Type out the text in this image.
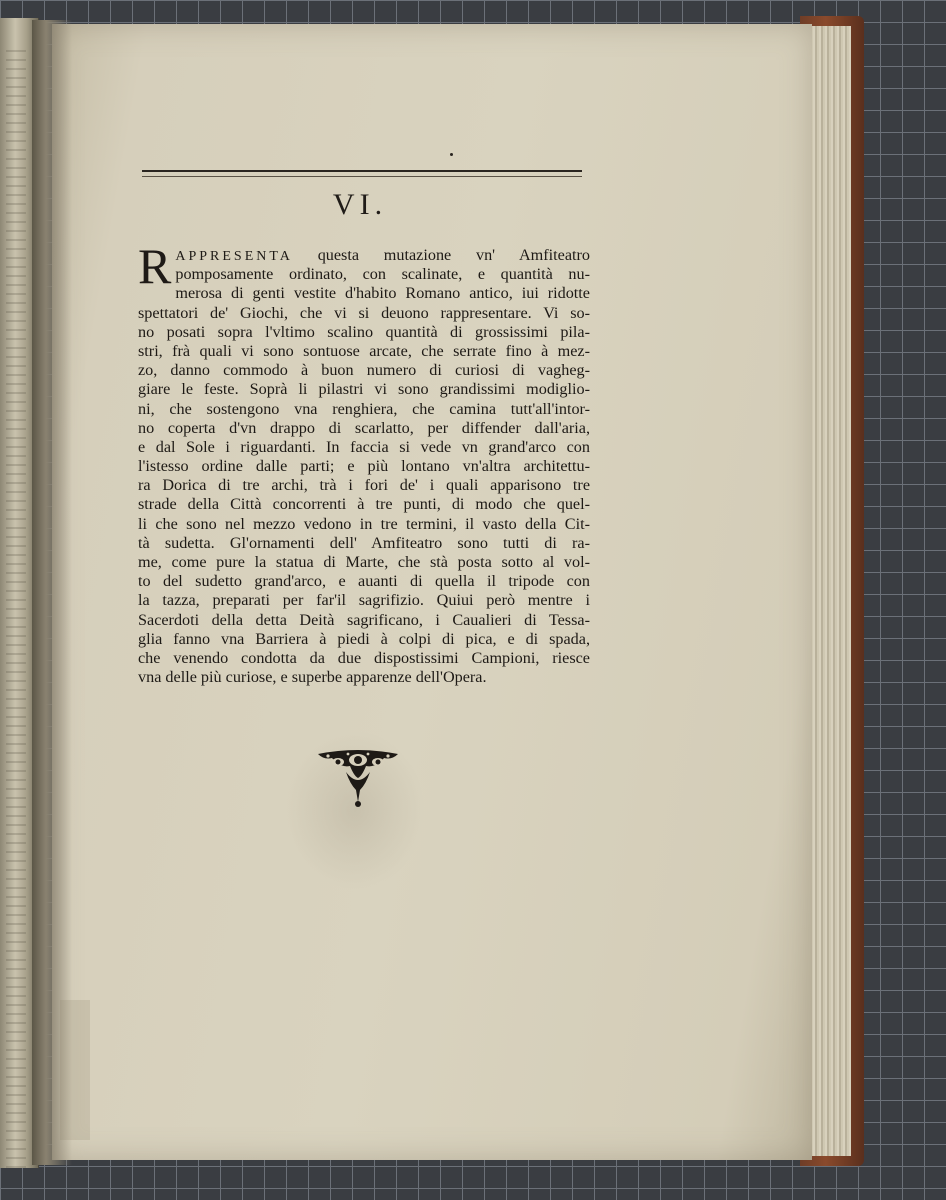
VI.
R APPRESENTA questa mutazione vn' Amfiteatro
pomposamente ordinato, con scalinate, e quantità nu-
merosa di genti vestite d'habito Romano antico, iui ridotte
spettatori de' Giochi, che vi si deuono rappresentare. Vi so-
no posati sopra l'vltimo scalino quantità di grossissimi pila-
stri, frà quali vi sono sontuose arcate, che serrate fino à mez-
zo, danno commodo à buon numero di curiosi di vagheg-
giare le feste. Soprà li pilastri vi sono grandissimi modiglio-
ni, che sostengono vna renghiera, che camina tutt'all'intor-
no coperta d'vn drappo di scarlatto, per diffender dall'aria,
e dal Sole i riguardanti. In faccia si vede vn grand'arco con
l'istesso ordine dalle parti; e più lontano vn'altra architettu-
ra Dorica di tre archi, trà i fori de' i quali apparisono tre
strade della Città concorrenti à tre punti, di modo che quel-
li che sono nel mezzo vedono in tre termini, il vasto della Cit-
tà sudetta. Gl'ornamenti dell' Amfiteatro sono tutti di ra-
me, come pure la statua di Marte, che stà posta sotto al vol-
to del sudetto grand'arco, e auanti di quella il tripode con
la tazza, preparati per far'il sagrifizio. Quiui però mentre i
Sacerdoti della detta Deità sagrificano, i Caualieri di Tessa-
glia fanno vna Barriera à piedi à colpi di pica, e di spada,
che venendo condotta da due dispostissimi Campioni, riesce
vna delle più curiose, e superbe apparenze dell'Opera.
